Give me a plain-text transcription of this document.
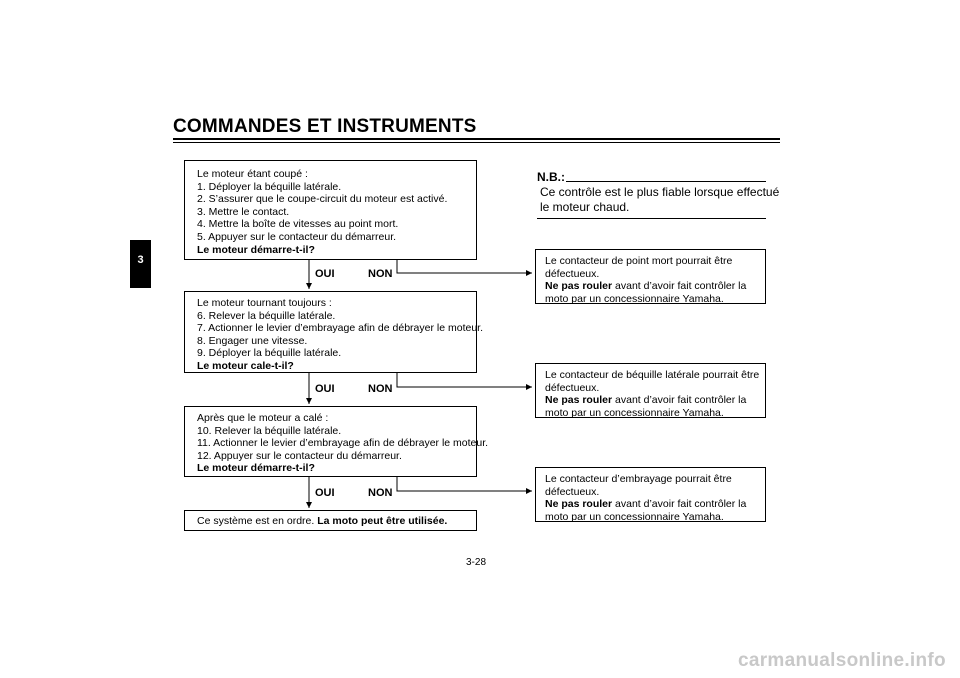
COMMANDES ET INSTRUMENTS
3
Le moteur étant coupé :
1. Déployer la béquille latérale.
2. S’assurer que le coupe-circuit du moteur est activé.
3. Mettre le contact.
4. Mettre la boîte de vitesses au point mort.
5. Appuyer sur le contacteur du démarreur.
Le moteur démarre-t-il?
OUI	NON
Le moteur tournant toujours :
6. Relever la béquille latérale.
7. Actionner le levier d’embrayage afin de débrayer le moteur.
8. Engager une vitesse.
9. Déployer la béquille latérale.
Le moteur cale-t-il?
OUI	NON
Après que le moteur a calé :
10. Relever la béquille latérale.
11. Actionner le levier d’embrayage afin de débrayer le moteur.
12. Appuyer sur le contacteur du démarreur.
Le moteur démarre-t-il?
OUI	NON
Ce système est en ordre. La moto peut être utilisée.
N.B.:
Ce contrôle est le plus fiable lorsque effectué
le moteur chaud.
Le contacteur de point mort pourrait être
défectueux.
Ne pas rouler avant d’avoir fait contrôler la
moto par un concessionnaire Yamaha.
Le contacteur de béquille latérale pourrait être
défectueux.
Ne pas rouler avant d’avoir fait contrôler la
moto par un concessionnaire Yamaha.
Le contacteur d’embrayage pourrait être
défectueux.
Ne pas rouler avant d’avoir fait contrôler la
moto par un concessionnaire Yamaha.
3-28
carmanualsonline.info
